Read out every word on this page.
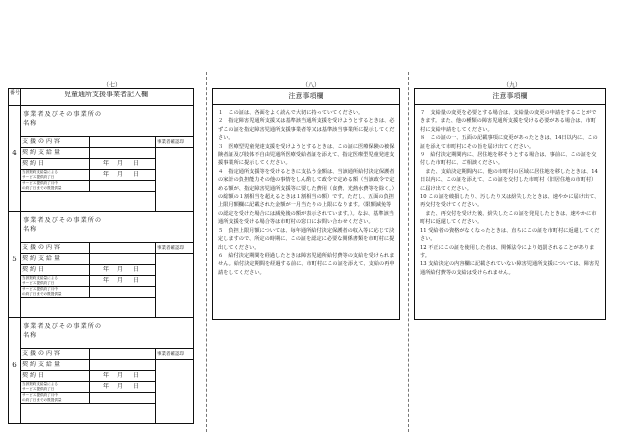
（七）	（八）	（九）
番号	児童通所支援事業者記入欄
4
事業者及びその事業所の名称
支援の内容
契約支給量
契約日	年 月 日
当該契約支給量による
サービス提供終了日	年 月 日
サービス提供終了月中
の終了日までの既提供量
事業者確認印
5
事業者及びその事業所の名称
支援の内容
契約支給量
契約日	年 月 日
当該契約支給量による
サービス提供終了日	年 月 日
サービス提供終了月中
の終了日までの既提供量
事業者確認印
6
事業者及びその事業所の名称
支援の内容
契約支給量
契約日	年 月 日
当該契約支給量による
サービス提供終了日	年 月 日
サービス提供終了月中
の終了日までの既提供量
事業者確認印
注意事項欄
１　この証は、各面をよく読んで大切に持っていてください。
２　指定障害児通所支援又は基準該当通所支援を受けようとするときは、必ずこの証を指定障害児通所支援事業者等又は基準該当事業所に提示してください。
３　医療型児童発達支援を受けようとするときは、この証に医療保険の被保険者証及び肢体不自由児通所医療受給者証を添えて、指定医療型児童発達支援事業所に提示してください。
４　指定通所支援等を受けるときに支払う金額は、当該通所給付決定保護者の家計の負担能力その他の事情をしん酌して政令で定める額（当該政令で定める額が、指定障害児通所支援等に要した費用（食費、光熱水費等を除く。）の総額の１割相当を超えるときは１割相当の額）です。ただし、五面の負担上限月額欄に記載された金額が一月当たりの上限になります。（限額減免等の認定を受けた場合には減免後の額が表示されています。）。なお、基準該当通所支援を受ける場合等は市町村の窓口にお問い合わせください。
５　負担上限月額については、毎年通所給付決定保護者の収入等に応じて決定しますので、所定の時期に、この証を認定に必要な関係書類を市町村に提出してください。
６　給付決定期間を経過したときは障害児通所給付費等の支給を受けられません。給付決定期間を経過する前に、市町村にこの証を添えて、支給の再申請をしてください。
注意事項欄
７　支給量の変更を必要とする場合は、支給量の変更の申請をすることができます。また、他の種類の障害児通所支援を受ける必要がある場合は、市町村に支給申請をしてください。
８　この証の一、五面の記載事項に変更があったときは、14日以内に、この証を添えて市町村にその旨を届け出てください。
９　給付決定期間内に、居住地を移そうとする場合は、事前に、この証を交付した市町村に、ご相談ください。
　また、支給決定期間内に、他の市町村の区域に居住地を移したときは、14日以内に、この証を添えて、この証を交付した市町村（旧居住地の市町村）に届け出てください。
10 この証を破損したり、汚したり又は紛失したときは、速やかに届け出て、再交付を受けてください。
　また、再交付を受けた後、紛失したこの証を発見したときは、速やかに市町村に返還してください。
11 受給者の資格がなくなったときは、直ちにこの証を市町村に返還してください。
12 不正にこの証を使用した者は、関係法令により処罰されることがあります。
13 支給決定の内容欄に記載されていない障害児通所支援については、障害児通所給付費等の支給は受けられません。
